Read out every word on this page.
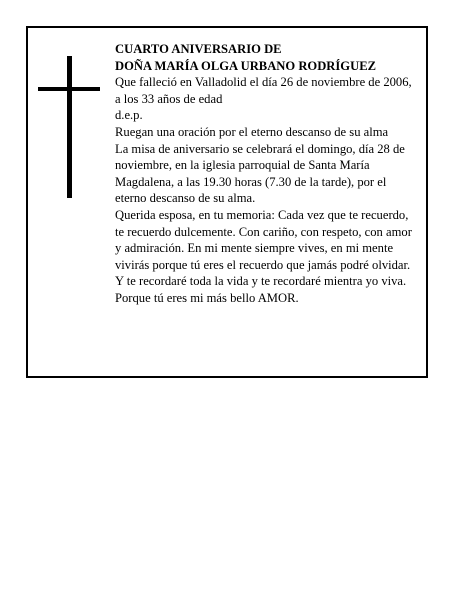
CUARTO ANIVERSARIO DE
DOÑA MARÍA OLGA URBANO RODRÍGUEZ

Que falleció en Valladolid el día 26 de noviembre de 2006, a los 33 años de edad

d.e.p.

Ruegan una oración por el eterno descanso de su alma

La misa de aniversario se celebrará el domingo, día 28 de noviembre, en la iglesia parroquial de Santa María Magdalena, a las 19.30 horas (7.30 de la tarde), por el eterno descanso de su alma.

Querida esposa, en tu memoria: Cada vez que te recuerdo, te recuerdo dulcemente. Con cariño, con respeto, con amor y admiración. En mi mente siempre vives, en mi mente vivirás porque tú eres el recuerdo que jamás podré olvidar. Y te recordaré toda la vida y te recordaré mientra yo viva. Porque tú eres mi más bello AMOR.
